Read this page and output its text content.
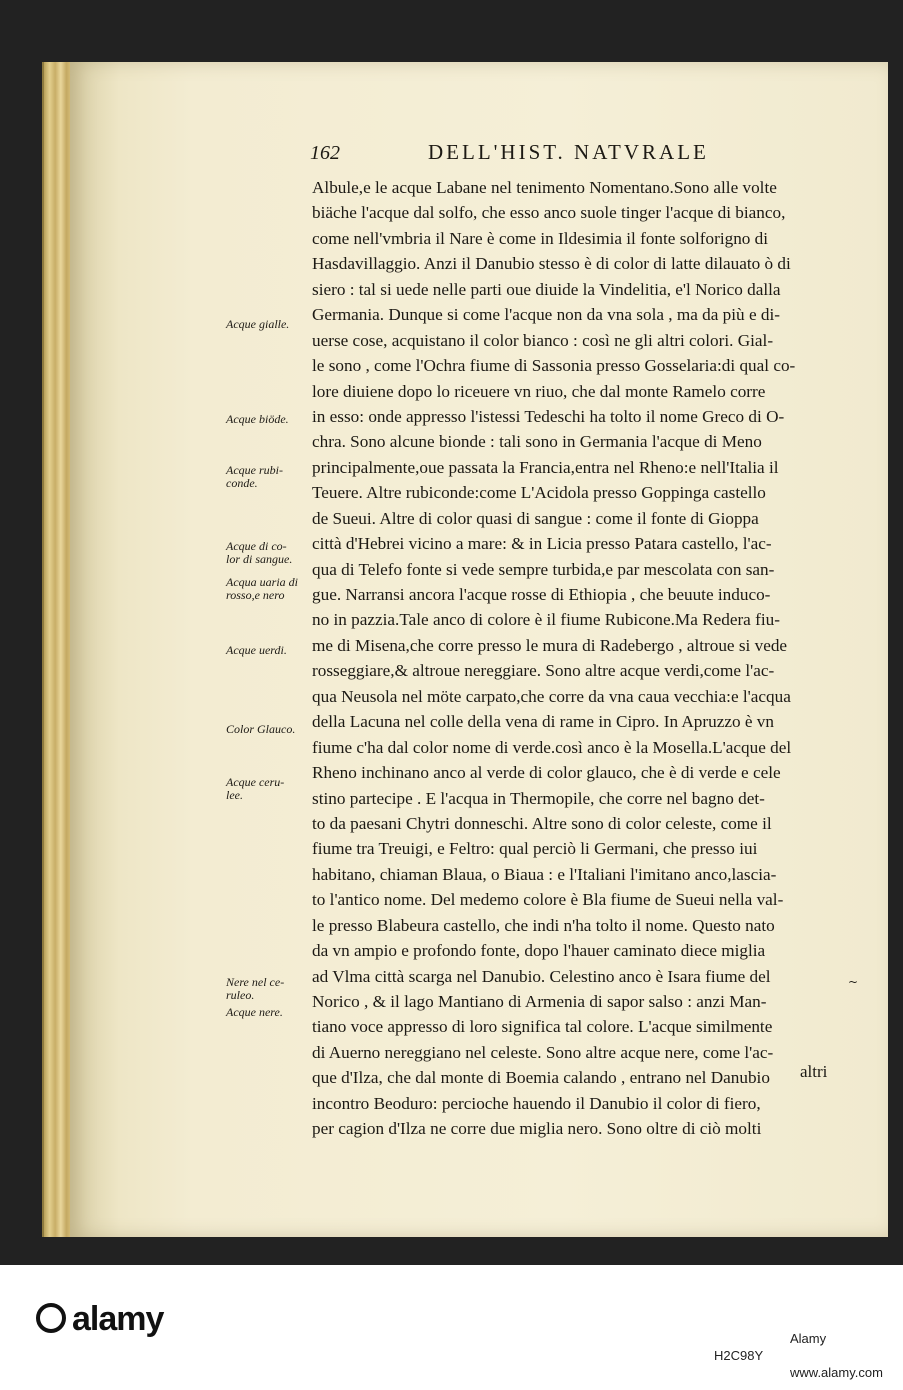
162	DELL'HIST. NATVRALE
Albule,e le acque Labane nel tenimento Nomentano.Sono alle volte
biäche l'acque dal solfo, che esso anco suole tinger l'acque di bianco,
come nell'vmbria il Nare è come in Ildesimia il fonte solforigno di
Hasdavillaggio. Anzi il Danubio stesso è di color di latte dilauato ò di
siero : tal si uede nelle parti oue diuide la Vindelitia, e'l Norico dalla
Germania. Dunque si come l'acque non da vna sola , ma da più e di-
uerse cose, acquistano il color bianco : così ne gli altri colori. Gial-
le sono , come l'Ochra fiume di Sassonia presso Gosselaria:di qual co-
lore diuiene dopo lo riceuere vn riuo, che dal monte Ramelo corre
in esso: onde appresso l'istessi Tedeschi ha tolto il nome Greco di O-
chra. Sono alcune bionde : tali sono in Germania l'acque di Meno
principalmente,oue passata la Francia,entra nel Rheno:e nell'Italia il
Teuere. Altre rubiconde:come L'Acidola presso Goppinga castello
de Sueui. Altre di color quasi di sangue : come il fonte di Gioppa
città d'Hebrei vicino a mare: & in Licia presso Patara castello, l'ac-
qua di Telefo fonte si vede sempre turbida,e par mescolata con san-
gue. Narransi ancora l'acque rosse di Ethiopia , che beuute induco-
no in pazzia.Tale anco di colore è il fiume Rubicone.Ma Redera fiu-
me di Misena,che corre presso le mura di Radebergo , altroue si vede
rosseggiare,& altroue nereggiare. Sono altre acque verdi,come l'ac-
qua Neusola nel möte carpato,che corre da vna caua vecchia:e l'acqua
della Lacuna nel colle della vena di rame in Cipro. In Apruzzo è vn
fiume c'ha dal color nome di verde.così anco è la Mosella.L'acque del
Rheno inchinano anco al verde di color glauco, che è di verde e cele
stino partecipe . E l'acqua in Thermopile, che corre nel bagno det-
to da paesani Chytri donneschi. Altre sono di color celeste, come il
fiume tra Treuigi, e Feltro: qual perciò li Germani, che presso iui
habitano, chiaman Blaua, o Biaua : e l'Italiani l'imitano anco,lascia-
to l'antico nome. Del medemo colore è Bla fiume de Sueui nella val-
le presso Blabeura castello, che indi n'ha tolto il nome. Questo nato
da vn ampio e profondo fonte, dopo l'hauer caminato diece miglia
ad Vlma città scarga nel Danubio. Celestino anco è Isara fiume del
Norico , & il lago Mantiano di Armenia di sapor salso : anzi Man-
tiano voce appresso di loro significa tal colore. L'acque similmente
di Auerno nereggiano nel celeste. Sono altre acque nere, come l'ac-
que d'Ilza, che dal monte di Boemia calando , entrano nel Danubio
incontro Beoduro: percioche hauendo il Danubio il color di fiero,
per cagion d'Ilza ne corre due miglia nero. Sono oltre di ciò molti
altri
~
Acque gialle.
Acque biöde.
Acque rubi-conde.
Acque di co-lor di sangue.
Acqua uaria di rosso,e nero
Acque uerdi.
Color Glauco.
Acque ceru-lee.
Nere nel ce-ruleo.
Acque nere.
alamy
Alamy
H2C98Y
www.alamy.com
